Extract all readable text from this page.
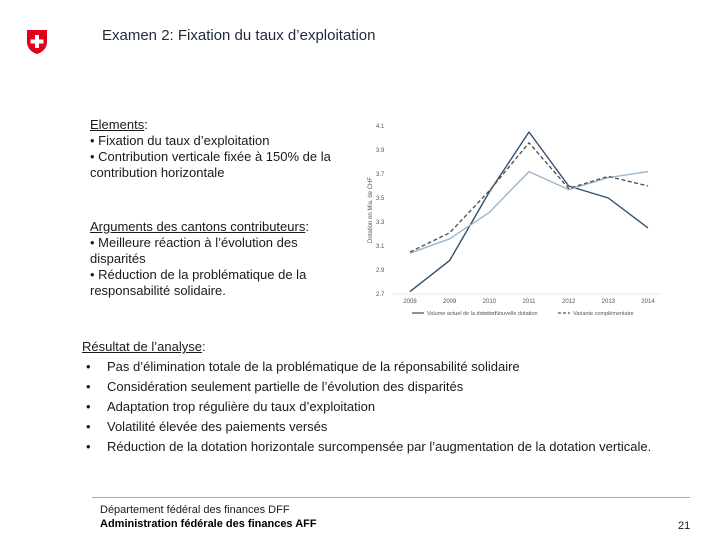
Examen 2: Fixation du taux d’exploitation
Elements:
• Fixation du taux d’exploitation
• Contribution verticale fixée à 150% de la contribution horizontale
Arguments des cantons contributeurs:
• Meilleure réaction à l’évolution des disparités
• Réduction de la problématique de la responsabilité solidaire.
Dotation en Mia. de CHF
2.7
2.9
3.1
3.3
3.5
3.7
3.9
4.1
2008	2009	2010	2011	2012	2013	2014
Volume actuel de la dotation
Nouvelle dotation	Variante complémentaire
Résultat de l’analyse:
• Pas d’élimination totale de la problématique de la réponsabilité solidaire
• Considération seulement partielle de l’évolution des disparités
• Adaptation trop régulière du taux d’exploitation
• Volatilité élevée des paiements versés
• Réduction de la dotation horizontale surcompensée par l’augmentation de la dotation verticale.
Département fédéral des finances DFF
Administration fédérale des finances AFF	21
